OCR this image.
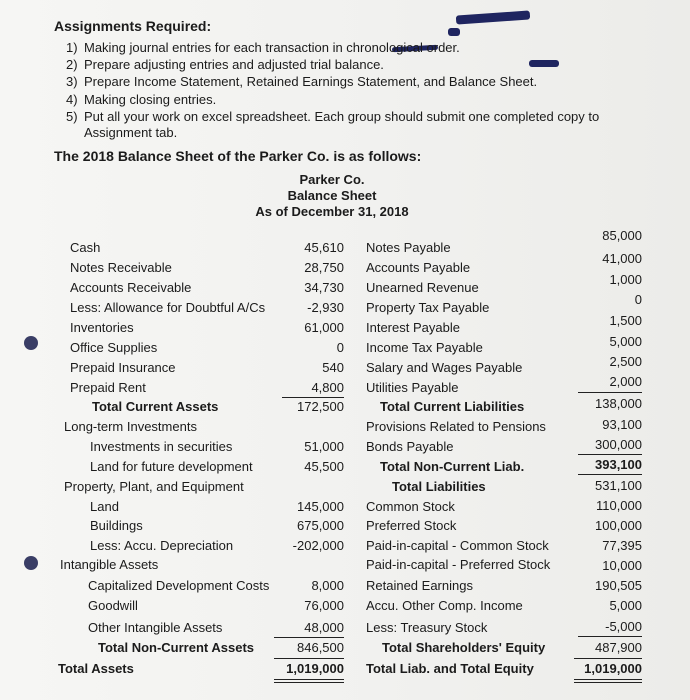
Assignments Required:
1) Making journal entries for each transaction in chronological order.
2) Prepare adjusting entries and adjusted trial balance.
3) Prepare Income Statement, Retained Earnings Statement, and Balance Sheet.
4) Making closing entries.
5) Put all your work on excel spreadsheet. Each group should submit one completed copy to
Assignment tab.
The 2018 Balance Sheet of the Parker Co. is as follows:
Parker Co.
Balance Sheet
As of December 31, 2018
Cash
Notes Receivable
Accounts Receivable
Less: Allowance for Doubtful A/Cs
Inventories
Office Supplies
Prepaid Insurance
Prepaid Rent
Total Current Assets
Long-term Investments
Investments in securities
Land for future development
Property, Plant, and Equipment
Land
Buildings
Less: Accu. Depreciation
Intangible Assets
Capitalized Development Costs
Goodwill
Other Intangible Assets
Total Non-Current Assets
Total Assets
45,610
28,750
34,730
-2,930
61,000
0
540
4,800
172,500
51,000
45,500
145,000
675,000
-202,000
8,000
76,000
48,000
846,500
1,019,000
Notes Payable
Accounts Payable
Unearned Revenue
Property Tax Payable
Interest Payable
Income Tax Payable
Salary and Wages Payable
Utilities Payable
Total Current Liabilities
Provisions Related to Pensions
Bonds Payable
Total Non-Current Liab.
Total Liabilities
Common Stock
Preferred Stock
Paid-in-capital - Common Stock
Paid-in-capital - Preferred Stock
Retained Earnings
Accu. Other Comp. Income
Less: Treasury Stock
Total Shareholders' Equity
Total Liab. and Total Equity
85,000
41,000
1,000
0
1,500
5,000
2,500
2,000
138,000
93,100
300,000
393,100
531,100
110,000
100,000
77,395
10,000
190,505
5,000
-5,000
487,900
1,019,000
